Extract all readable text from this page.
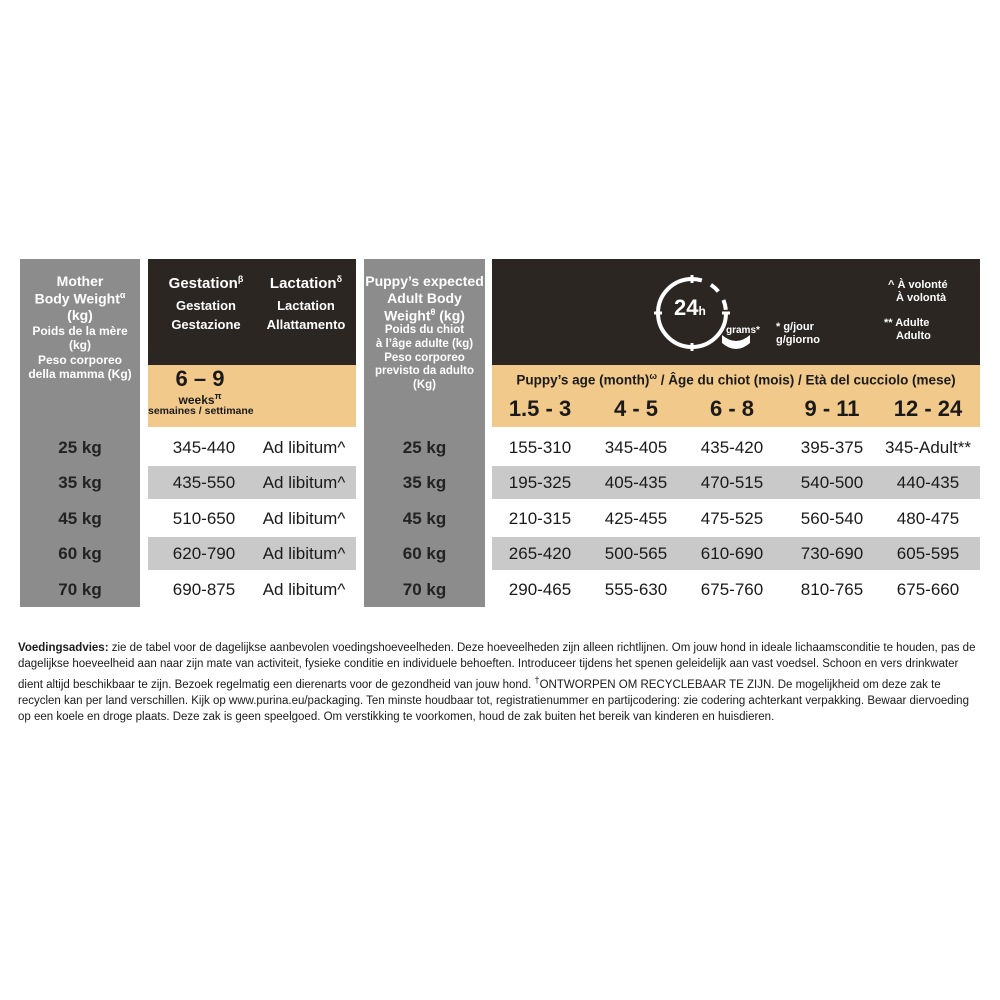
Mother
Body Weight$^\alpha$ (kg)
Poids de la mère (kg)
Peso corporeo
della mamma (Kg)
Gestation$^\beta$
Gestation
Gestazione
Lactation$^\delta$
Lactation
Allattamento
6 – 9
weeks$^\pi$
semaines / settimane
Puppy’s expected
Adult Body
Weight$^\theta$ (kg)
Poids du chiot
à l’âge adulte (kg)
Peso corporeo
previsto da adulto (Kg)
24h
grams* * g/jour
g/giorno
^ À volonté
À volontà
** Adulte
Adulto
Puppy’s age (month)$^\omega$ / Âge du chiot (mois) / Età del cucciolo (mese)
1.5 - 3	4 - 5	6 - 8	9 - 11	12 - 24
25 kg	345-440	Ad libitum^	25 kg	155-310	345-405	435-420	395-375	345-Adult**
35 kg	435-550	Ad libitum^	35 kg	195-325	405-435	470-515	540-500	440-435
45 kg	510-650	Ad libitum^	45 kg	210-315	425-455	475-525	560-540	480-475
60 kg	620-790	Ad libitum^	60 kg	265-420	500-565	610-690	730-690	605-595
70 kg	690-875	Ad libitum^	70 kg	290-465	555-630	675-760	810-765	675-660
Voedingsadvies: zie de tabel voor de dagelijkse aanbevolen voedingshoeveelheden. Deze hoeveelheden zijn alleen richtlijnen. Om jouw hond in ideale lichaamsconditie te houden, pas de dagelijkse hoeveelheid aan naar zijn mate van activiteit, fysieke conditie en individuele behoeften. Introduceer tijdens het spenen geleidelijk aan vast voedsel. Schoon en vers drinkwater dient altijd beschikbaar te zijn. Bezoek regelmatig een dierenarts voor de gezondheid van jouw hond. †ONTWORPEN OM RECYCLEBAAR TE ZIJN. De mogelijkheid om deze zak te recyclen kan per land verschillen. Kijk op www.purina.eu/packaging. Ten minste houdbaar tot, registratienummer en partijcodering: zie codering achterkant verpakking. Bewaar diervoeding op een koele en droge plaats. Deze zak is geen speelgoed. Om verstikking te voorkomen, houd de zak buiten het bereik van kinderen en huisdieren.
